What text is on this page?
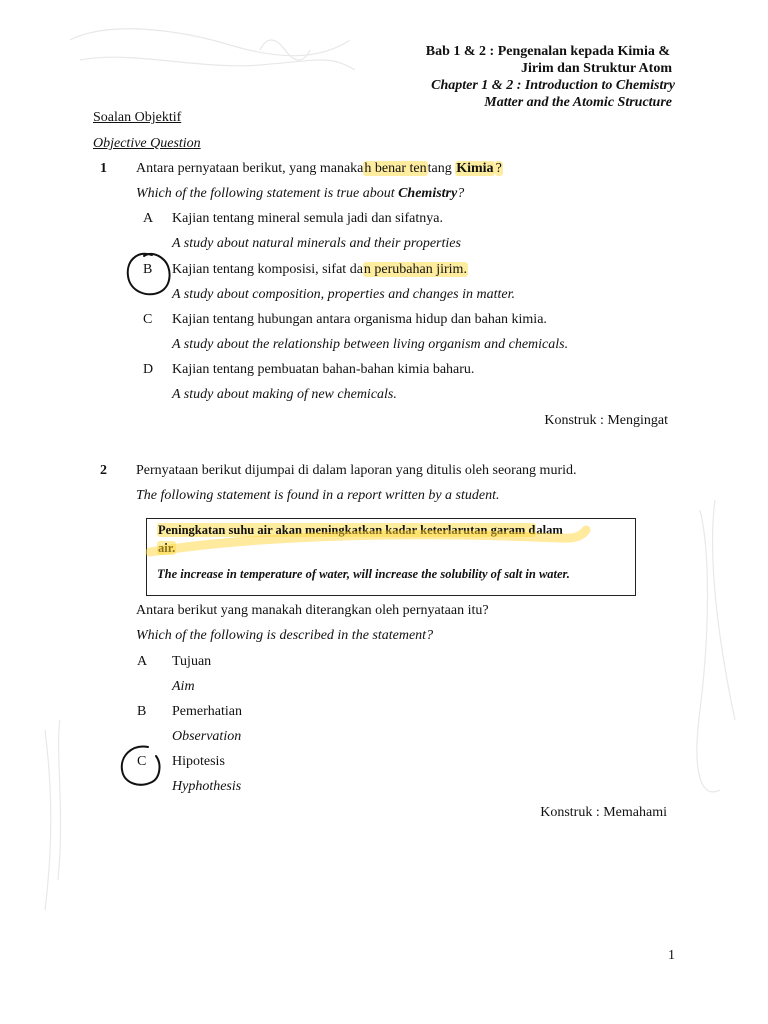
Bab 1 & 2 : Pengenalan kepada Kimia &
Jirim dan Struktur Atom
Chapter 1 & 2 : Introduction to Chemistry
Matter and the Atomic Structure
Soalan Objektif
Objective Question
1 Antara pernyataan berikut, yang manakah benar tentang Kimia ?
Which of the following statement is true about Chemistry?
A Kajian tentang mineral semula jadi dan sifatnya.
A study about natural minerals and their properties
B Kajian tentang komposisi, sifat dan perubahan jirim.
A study about composition, properties and changes in matter.
C Kajian tentang hubungan antara organisma hidup dan bahan kimia.
A study about the relationship between living organism and chemicals.
D Kajian tentang pembuatan bahan-bahan kimia baharu.
A study about making of new chemicals.
Konstruk : Mengingat
2 Pernyataan berikut dijumpai di dalam laporan yang ditulis oleh seorang murid.
The following statement is found in a report written by a student.
Peningkatan suhu air akan meningkatkan kadar keterlarutan garam dalam
air.
The increase in temperature of water, will increase the solubility of salt in water.
Antara berikut yang manakah diterangkan oleh pernyataan itu?
Which of the following is described in the statement?
A Tujuan
Aim
B Pemerhatian
Observation
C Hipotesis
Hyphothesis
Konstruk : Memahami
1
